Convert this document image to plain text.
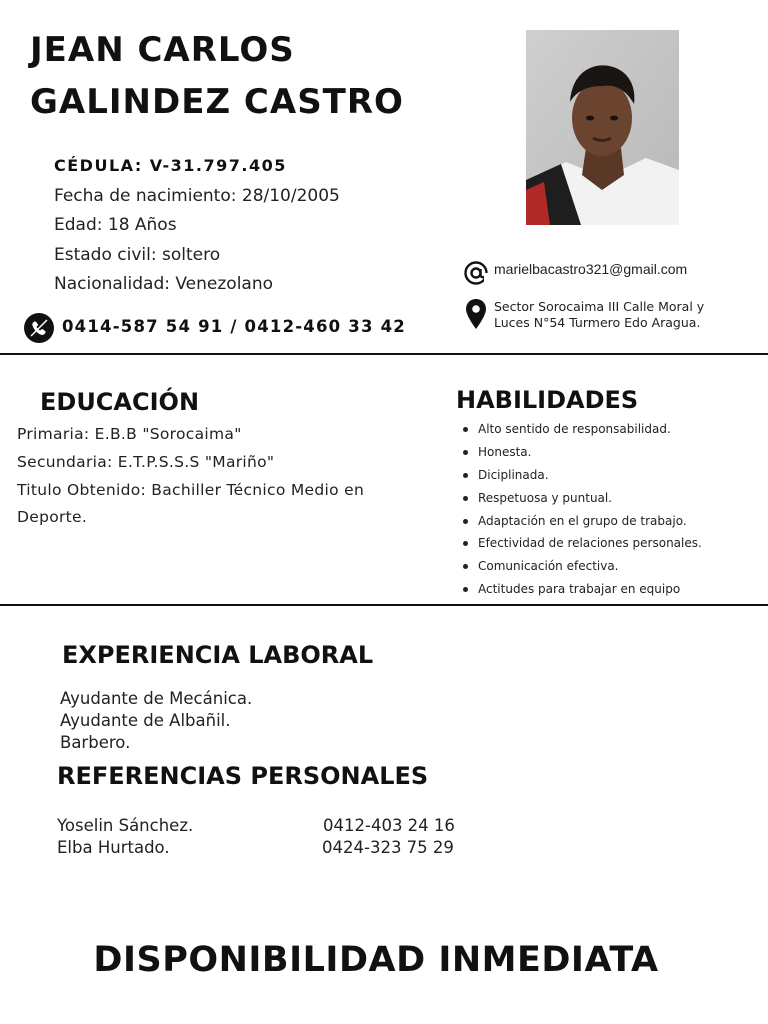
JEAN CARLOS
GALINDEZ CASTRO
CÉDULA: V-31.797.405
Fecha de nacimiento: 28/10/2005
Edad: 18 Años
Estado civil: soltero
Nacionalidad: Venezolano
0414-587 54 91 / 0412-460 33 42
marielbacastro321@gmail.com
Sector Sorocaima III Calle Moral y
Luces N°54 Turmero Edo Aragua.
EDUCACIÓN
Primaria: E.B.B "Sorocaima"
Secundaria: E.T.P.S.S.S "Mariño"
Titulo Obtenido: Bachiller Técnico Medio en
Deporte.
HABILIDADES
Alto sentido de responsabilidad.
Honesta.
Diciplinada.
Respetuosa y puntual.
Adaptación en el grupo de trabajo.
Efectividad de relaciones personales.
Comunicación efectiva.
Actitudes para trabajar en equipo
EXPERIENCIA LABORAL
Ayudante de Mecánica.
Ayudante de Albañil.
Barbero.
REFERENCIAS PERSONALES
Yoselin Sánchez.	0412-403 24 16
Elba Hurtado.	0424-323 75 29
DISPONIBILIDAD INMEDIATA
